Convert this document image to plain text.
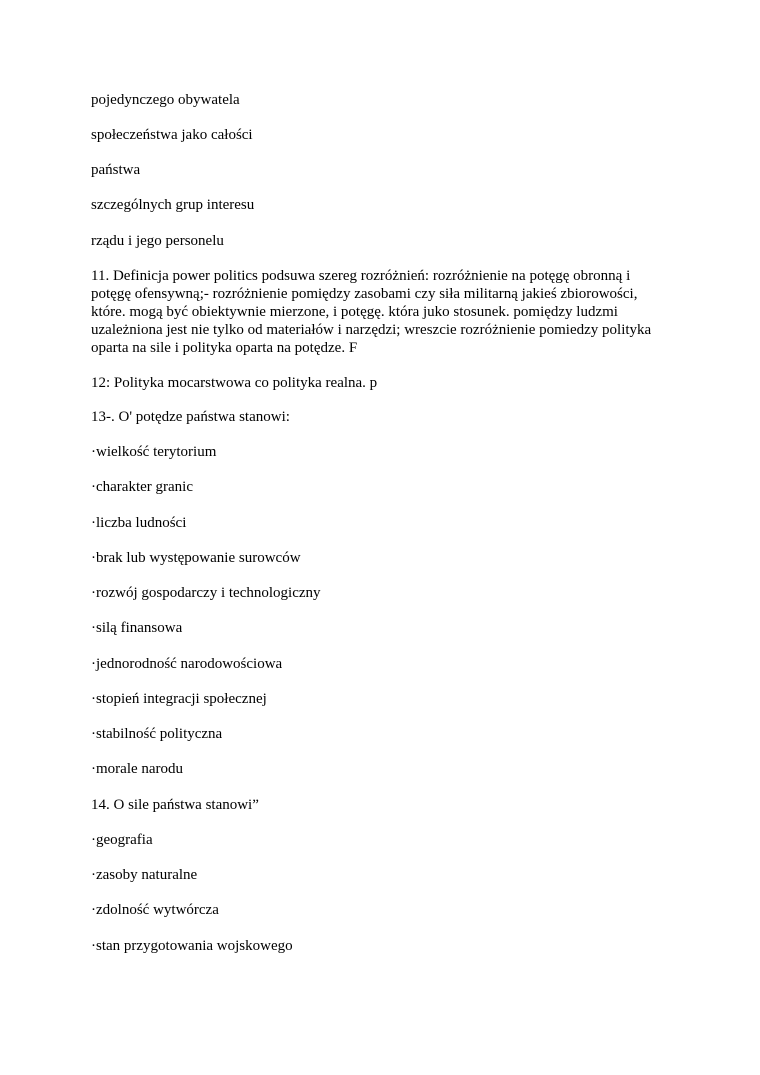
pojedynczego obywatela

społeczeństwa jako całości

państwa

szczególnych grup interesu

rządu i jego personelu

11. Definicja power politics podsuwa szereg rozróżnień: rozróżnienie na potęgę obronną i

potęgę ofensywną;- rozróżnienie pomiędzy zasobami czy siła militarną jakieś zbiorowości,

które. mogą być obiektywnie mierzone, i potęgę. która juko stosunek. pomiędzy ludzmi

uzależniona jest nie tylko od materiałów i narzędzi; wreszcie rozróżnienie pomiedzy polityka

oparta na sile i polityka oparta na potędze. F

12: Polityka mocarstwowa co polityka realna. p

13-. O' potędze państwa stanowi:

·wielkość terytorium

·charakter granic

·liczba ludności

·brak lub występowanie surowców

·rozwój gospodarczy i technologiczny

·silą finansowa

·jednorodność narodowościowa

·stopień integracji społecznej

·stabilność polityczna

·morale narodu

14. O sile państwa stanowi”

·geografia

·zasoby naturalne

·zdolność wytwórcza

·stan przygotowania wojskowego
